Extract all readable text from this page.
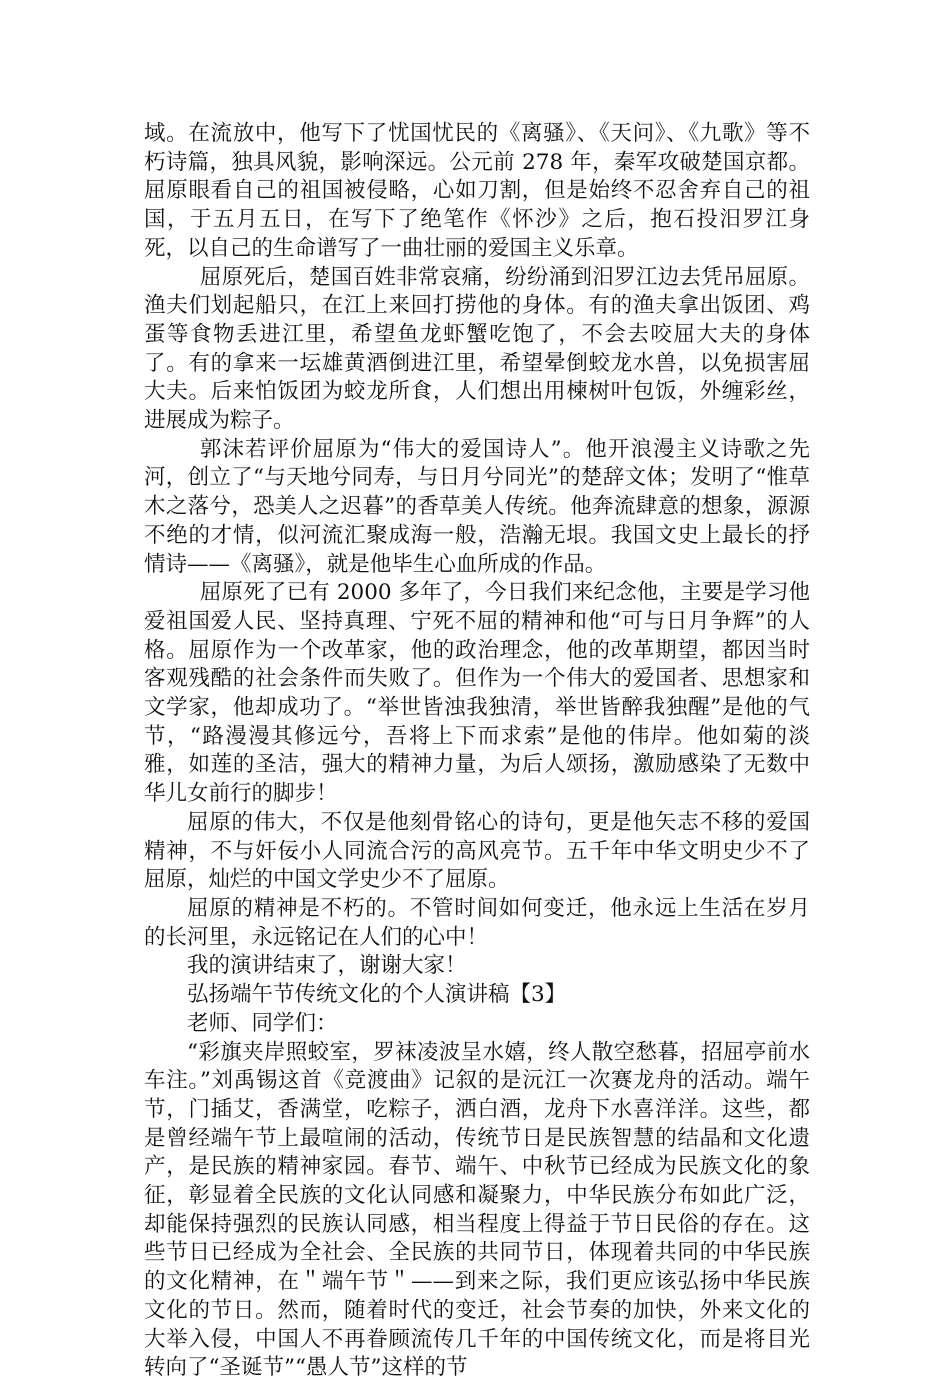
域。在流放中，他写下了忧国忧民的《离骚》、《天问》、《九歌》等不朽诗篇，独具风貌，影响深远。公元前 278 年，秦军攻破楚国京都。屈原眼看自己的祖国被侵略，心如刀割，但是始终不忍舍弃自己的祖国，于五月五日，在写下了绝笔作《怀沙》之后，抱石投汨罗江身死，以自己的生命谱写了一曲壮丽的爱国主义乐章。

屈原死后，楚国百姓非常哀痛，纷纷涌到汨罗江边去凭吊屈原。渔夫们划起船只，在江上来回打捞他的身体。有的渔夫拿出饭团、鸡蛋等食物丢进江里，希望鱼龙虾蟹吃饱了，不会去咬屈大夫的身体了。有的拿来一坛雄黄酒倒进江里，希望晕倒蛟龙水兽，以免损害屈大夫。后来怕饭团为蛟龙所食，人们想出用楝树叶包饭，外缠彩丝，进展成为粽子。

郭沫若评价屈原为“伟大的爱国诗人”。他开浪漫主义诗歌之先河，创立了“与天地兮同寿，与日月兮同光”的楚辞文体；发明了“惟草木之落兮，恐美人之迟暮”的香草美人传统。他奔流肆意的想象，源源不绝的才情，似河流汇聚成海一般，浩瀚无垠。我国文史上最长的抒情诗——《离骚》，就是他毕生心血所成的作品。

屈原死了已有 2000 多年了，今日我们来纪念他，主要是学习他爱祖国爱人民、坚持真理、宁死不屈的精神和他“可与日月争辉”的人格。屈原作为一个改革家，他的政治理念，他的改革期望，都因当时客观残酷的社会条件而失败了。但作为一个伟大的爱国者、思想家和文学家，他却成功了。“举世皆浊我独清，举世皆醉我独醒”是他的气节，“路漫漫其修远兮，吾将上下而求索”是他的伟岸。他如菊的淡雅，如莲的圣洁，强大的精神力量，为后人颂扬，激励感染了无数中华儿女前行的脚步！

屈原的伟大，不仅是他刻骨铭心的诗句，更是他矢志不移的爱国精神，不与奸佞小人同流合污的高风亮节。五千年中华文明史少不了屈原，灿烂的中国文学史少不了屈原。

屈原的精神是不朽的。不管时间如何变迁，他永远上生活在岁月的长河里，永远铭记在人们的心中！

我的演讲结束了，谢谢大家！

弘扬端午节传统文化的个人演讲稿【3】

老师、同学们：

“彩旗夹岸照蛟室，罗袜凌波呈水嬉，终人散空愁暮，招屈亭前水车注。”刘禹锡这首《竞渡曲》记叙的是沅江一次赛龙舟的活动。端午节，门插艾，香满堂，吃粽子，洒白酒，龙舟下水喜洋洋。这些，都是曾经端午节上最喧闹的活动，传统节日是民族智慧的结晶和文化遗产，是民族的精神家园。春节、端午、中秋节已经成为民族文化的象征，彰显着全民族的文化认同感和凝聚力，中华民族分布如此广泛，却能保持强烈的民族认同感，相当程度上得益于节日民俗的存在。这些节日已经成为全社会、全民族的共同节日，体现着共同的中华民族的文化精神，在＂端午节＂——到来之际，我们更应该弘扬中华民族文化的节日。然而，随着时代的变迁，社会节奏的加快，外来文化的大举入侵，中国人不再眷顾流传几千年的中国传统文化，而是将目光转向了“圣诞节”“愚人节”这样的节
